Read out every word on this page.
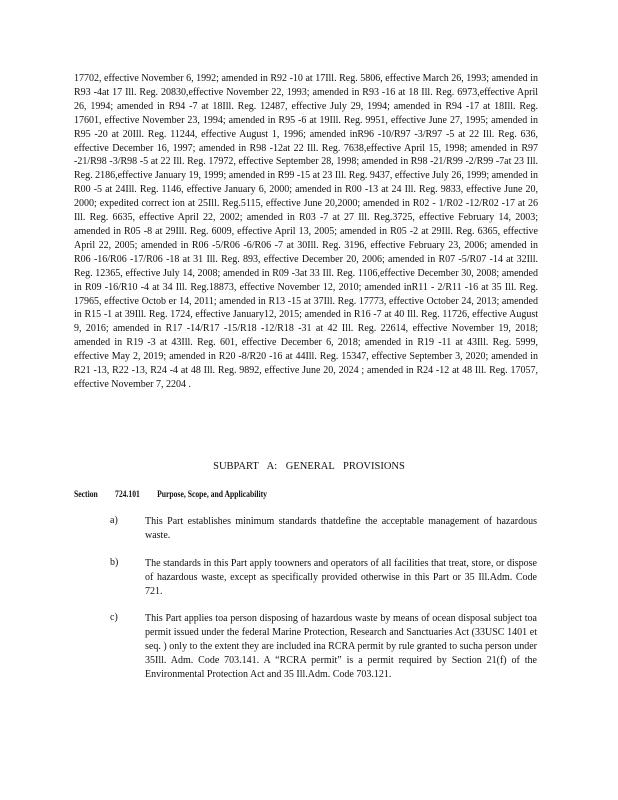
17702, effective November 6, 1992; amended in R92 -10 at 17Ill. Reg. 5806, effective March 26, 1993; amended in R93 -4at 17 Ill. Reg. 20830,effective November 22, 1993; amended in R93 -16 at 18 Ill. Reg. 6973,effective April 26, 1994; amended in R94 -7 at 18Ill. Reg. 12487, effective July 29, 1994; amended in R94 -17 at 18Ill. Reg. 17601, effective November 23, 1994; amended in R95 -6 at 19Ill. Reg. 9951, effective June 27, 1995; amended in R95 -20 at 20Ill. Reg. 11244, effective August 1, 1996; amended inR96 -10/R97 -3/R97 -5 at 22 Ill. Reg. 636, effective December 16, 1997; amended in R98 -12at 22 Ill. Reg. 7638,effective April 15, 1998; amended in R97 -21/R98 -3/R98 -5 at 22 Ill. Reg. 17972, effective September 28, 1998; amended in R98 -21/R99 -2/R99 -7at 23 Ill. Reg. 2186,effective January 19, 1999; amended in R99 -15 at 23 Ill. Reg. 9437, effective July 26, 1999; amended in R00 -5 at 24Ill. Reg. 1146, effective January 6, 2000; amended in R00 -13 at 24 Ill. Reg. 9833, effective June 20, 2000; expedited correct ion at 25Ill. Reg.5115, effective June 20,2000; amended in R02 - 1/R02 -12/R02 -17 at 26 Ill. Reg. 6635, effective April 22, 2002; amended in R03 -7 at 27 Ill. Reg.3725, effective February 14, 2003; amended in R05 -8 at 29Ill. Reg. 6009, effective April 13, 2005; amended in R05 -2 at 29Ill. Reg. 6365, effective April 22, 2005; amended in R06 -5/R06 -6/R06 -7 at 30Ill. Reg. 3196, effective February 23, 2006; amended in R06 -16/R06 -17/R06 -18 at 31 Ill. Reg. 893, effective December 20, 2006; amended in R07 -5/R07 -14 at 32Ill. Reg. 12365, effective July 14, 2008; amended in R09 -3at 33 Ill. Reg. 1106,effective December 30, 2008; amended in R09 -16/R10 -4 at 34 Ill. Reg.18873, effective November 12, 2010; amended inR11 - 2/R11 -16 at 35 Ill. Reg. 17965, effective Octob er 14, 2011; amended in R13 -15 at 37Ill. Reg. 17773, effective October 24, 2013; amended in R15 -1 at 39Ill. Reg. 1724, effective January12, 2015; amended in R16 -7 at 40 Ill. Reg. 11726, effective August 9, 2016; amended in R17 -14/R17 -15/R18 -12/R18 -31 at 42 Ill. Reg. 22614, effective November 19, 2018; amended in R19 -3 at 43Ill. Reg. 601, effective December 6, 2018; amended in R19 -11 at 43Ill. Reg. 5999, effective May 2, 2019; amended in R20 -8/R20 -16 at 44Ill. Reg. 15347, effective September 3, 2020; amended in R21 -13, R22 -13, R24 -4 at 48 Ill. Reg. 9892, effective June 20, 2024 ; amended in R24 -12 at 48 Ill. Reg. 17057, effective November 7, 2204 .

SUBPART A: GENERAL PROVISIONS

Section 724.101 Purpose, Scope, and Applicability
a)	This Part establishes minimum standards thatdefine the acceptable management of hazardous waste.

b)	The standards in this Part apply toowners and operators of all facilities that treat, store, or dispose of hazardous waste, except as specifically provided otherwise in this Part or 35 Ill.Adm. Code 721.

c)	This Part applies toa person disposing of hazardous waste by means of ocean disposal subject toa permit issued under the federal Marine Protection, Research and Sanctuaries Act (33USC 1401 et seq. ) only to the extent they are included ina RCRA permit by rule granted to sucha person under 35Ill. Adm. Code 703.141. A “RCRA permit” is a permit required by Section 21(f) of the Environmental Protection Act and 35 Ill.Adm. Code 703.121.
